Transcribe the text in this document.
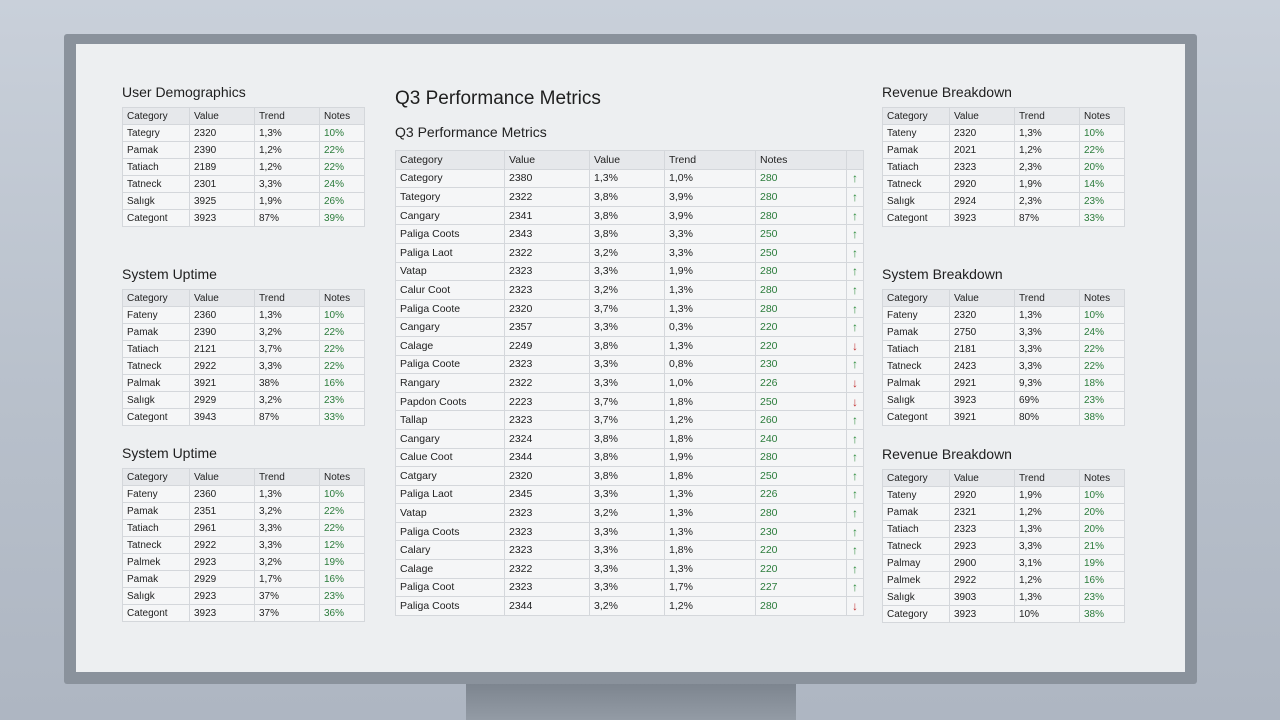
User Demographics
Category	Value	Trend	Notes
Tategry	2320	1,3%	10%
Pamak	2390	1,2%	22%
Tatiach	2189	1,2%	22%
Tatneck	2301	3,3%	24%
Salıgk	3925	1,9%	26%
Categont	3923	87%	39%
System Uptime
Category	Value	Trend	Notes
Fateny	2360	1,3%	10%
Pamak	2390	3,2%	22%
Tatiach	2121	3,7%	22%
Tatneck	2922	3,3%	22%
Palmak	3921	38%	16%
Salıgk	2929	3,2%	23%
Categont	3943	87%	33%
System Uptime
Category	Value	Trend	Notes
Fateny	2360	1,3%	10%
Pamak	2351	3,2%	22%
Tatiach	2961	3,3%	22%
Tatneck	2922	3,3%	12%
Palmek	2923	3,2%	19%
Pamak	2929	1,7%	16%
Salıgk	2923	37%	23%
Categont	3923	37%	36%
Q3 Performance Metrics
Q3 Performance Metrics
Category	Value	Value	Trend	Notes	
Category	2380	1,3%	1,0%	280	↑
Tategory	2322	3,8%	3,9%	280	↑
Cangary	2341	3,8%	3,9%	280	↑
Paliga Coots	2343	3,8%	3,3%	250	↑
Paliga Laot	2322	3,2%	3,3%	250	↑
Vatap	2323	3,3%	1,9%	280	↑
Calur Coot	2323	3,2%	1,3%	280	↑
Paliga Coote	2320	3,7%	1,3%	280	↑
Cangary	2357	3,3%	0,3%	220	↑
Calage	2249	3,8%	1,3%	220	↓
Paliga Coote	2323	3,3%	0,8%	230	↑
Rangary	2322	3,3%	1,0%	226	↓
Papdon Coots	2223	3,7%	1,8%	250	↓
Tallap	2323	3,7%	1,2%	260	↑
Cangary	2324	3,8%	1,8%	240	↑
Calue Coot	2344	3,8%	1,9%	280	↑
Catgary	2320	3,8%	1,8%	250	↑
Paliga Laot	2345	3,3%	1,3%	226	↑
Vatap	2323	3,2%	1,3%	280	↑
Paliga Coots	2323	3,3%	1,3%	230	↑
Calary	2323	3,3%	1,8%	220	↑
Calage	2322	3,3%	1,3%	220	↑
Paliga Coot	2323	3,3%	1,7%	227	↑
Paliga Coots	2344	3,2%	1,2%	280	↓
Revenue Breakdown
Category	Value	Trend	Notes
Tateny	2320	1,3%	10%
Pamak	2021	1,2%	22%
Tatiach	2323	2,3%	20%
Tatneck	2920	1,9%	14%
Salıgk	2924	2,3%	23%
Categont	3923	87%	33%
System Breakdown
Category	Value	Trend	Notes
Fateny	2320	1,3%	10%
Pamak	2750	3,3%	24%
Tatiach	2181	3,3%	22%
Tatneck	2423	3,3%	22%
Palmak	2921	9,3%	18%
Salıgk	3923	69%	23%
Categont	3921	80%	38%
Revenue Breakdown
Category	Value	Trend	Notes
Tateny	2920	1,9%	10%
Pamak	2321	1,2%	20%
Tatiach	2323	1,3%	20%
Tatneck	2923	3,3%	21%
Palmay	2900	3,1%	19%
Palmek	2922	1,2%	16%
Salıgk	3903	1,3%	23%
Category	3923	10%	38%
